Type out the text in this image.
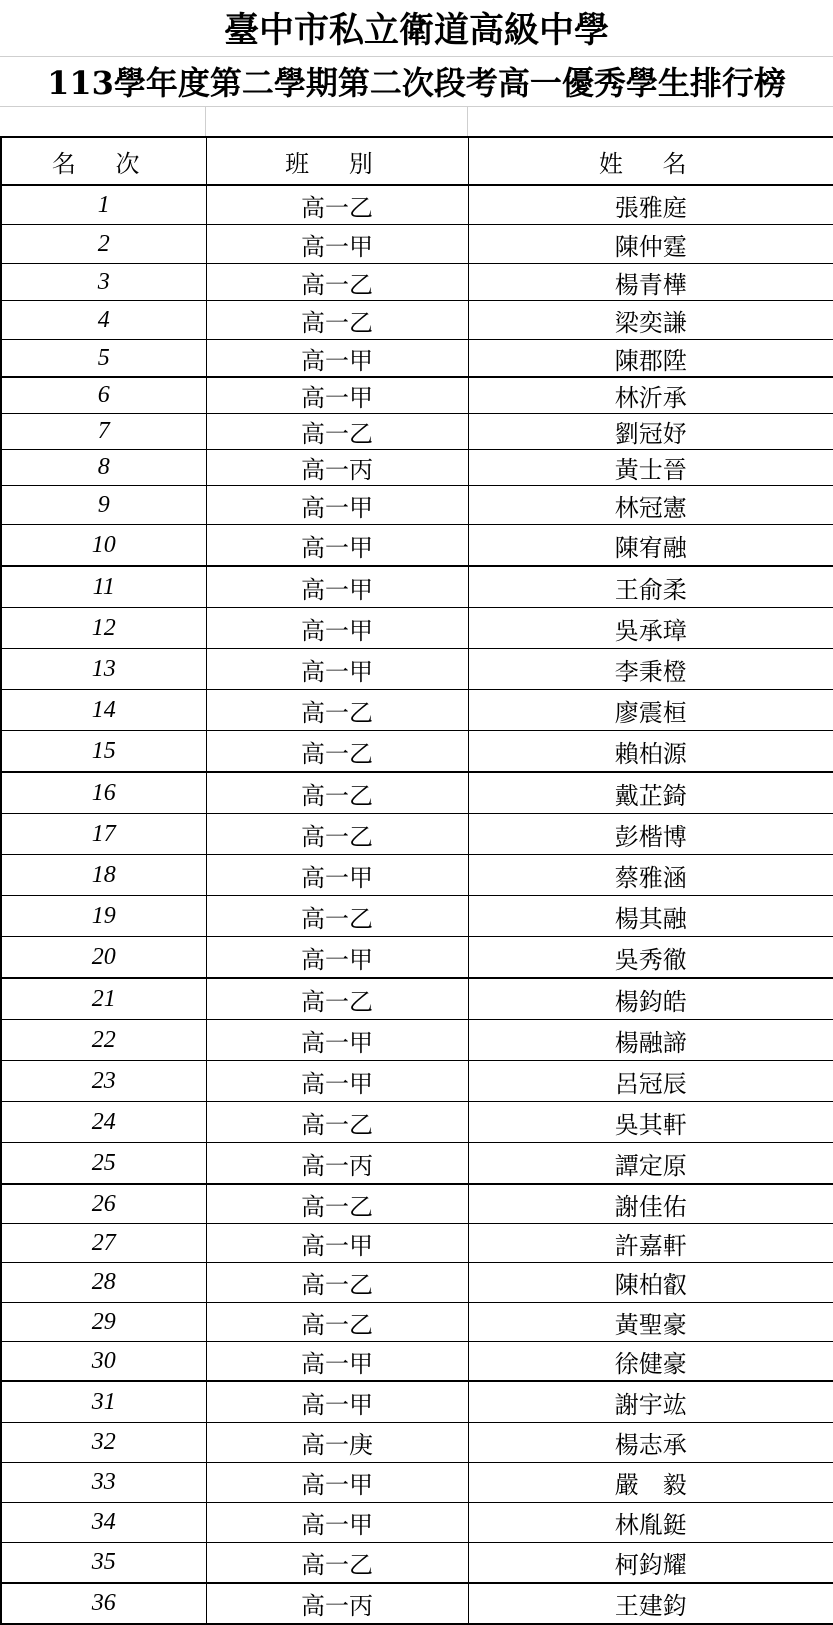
臺中市私立衛道高級中學
113學年度第二學期第二次段考高一優秀學生排行榜
名 次	班 別	姓 名
1	高一乙	張雅庭
2	高一甲	陳仲霆
3	高一乙	楊青樺
4	高一乙	梁奕謙
5	高一甲	陳郡陞
6	高一甲	林沂承
7	高一乙	劉冠妤
8	高一丙	黃士晉
9	高一甲	林冠憲
10	高一甲	陳宥融
11	高一甲	王俞柔
12	高一甲	吳承璋
13	高一甲	李秉橙
14	高一乙	廖震桓
15	高一乙	賴柏源
16	高一乙	戴芷錡
17	高一乙	彭楷博
18	高一甲	蔡雅涵
19	高一乙	楊其融
20	高一甲	吳秀徹
21	高一乙	楊鈞皓
22	高一甲	楊融諦
23	高一甲	呂冠辰
24	高一乙	吳其軒
25	高一丙	譚定原
26	高一乙	謝佳佑
27	高一甲	許嘉軒
28	高一乙	陳柏叡
29	高一乙	黃聖豪
30	高一甲	徐健豪
31	高一甲	謝宇竑
32	高一庚	楊志承
33	高一甲	嚴　毅
34	高一甲	林胤鋌
35	高一乙	柯鈞耀
36	高一丙	王建鈞
